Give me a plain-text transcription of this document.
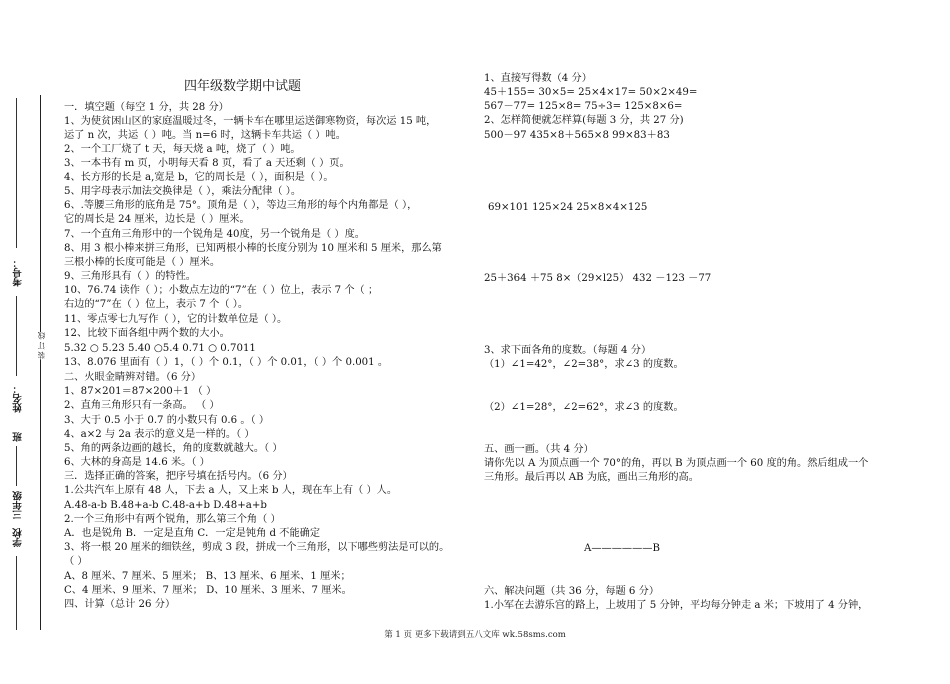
装 订 线
考号：
姓名：
班
三年级
学校
四年级数学期中试题
一．填空题（每空 1 分，共 28 分）
1、为使贫困山区的家庭温暖过冬，一辆卡车在哪里运送御寒物资，每次运 15 吨，
运了 n 次，共运（ ）吨。当 n=6 时，这辆卡车共运（ ）吨。
2、一个工厂烧了 t 天，每天烧 a 吨，烧了（ ）吨。
3、一本书有 m 页，小明每天看 8 页，看了 a 天还剩（ ）页。
4、长方形的长是 a,宽是 b，它的周长是（ ），面积是（ ）。
5、用字母表示加法交换律是（ ），乘法分配律（ ）。
6、.等腰三角形的底角是 75°。顶角是（ ），等边三角形的每个内角都是（ ），
它的周长是 24 厘米，边长是（ ）厘米。
7、一个直角三角形中的一个锐角是 40度，另一个锐角是（ ）度。
8、用 3 根小棒来拼三角形，已知两根小棒的长度分别为 10 厘米和 5 厘米，那么第
三根小棒的长度可能是（ ）厘米。
9、三角形具有（ ）的特性。
10、76.74 读作（ ）；小数点左边的“7”在（ ）位上，表示 7 个（ ；
右边的“7”在（ ）位上，表示 7 个（ ）。
11、零点零七九写作（ ），它的计数单位是（ ）。
12、比较下面各组中两个数的大小。
5.32 ○ 5.23 5.40 ○5.4 0.71 ○ 0.7011
13、8.076 里面有（ ）1，（ ）个 0.1，（ ）个 0.01，（ ）个 0.001 。
二、火眼金睛辨对错。（6 分）
1、87×201＝87×200＋1 （ ）
2、直角三角形只有一条高。 （ ）
3、大于 0.5 小于 0.7 的小数只有 0.6 。（ ）
4、a×2 与 2a 表示的意义是一样的。（ ）
5、角的两条边画的越长，角的度数就越大。（ ）
6、大林的身高是 14.6 米。（ ）
三．选择正确的答案，把序号填在括号内。（6 分）
1.公共汽车上原有 48 人，下去 a 人，又上来 b 人，现在车上有（ ）人。
A.48-a-b B.48+a-b C.48-a+b D.48+a+b
2.一个三角形中有两个锐角，那么第三个角（ ）
A．也是锐角 B．一定是直角 C．一定是钝角 d 不能确定
3、将一根 20 厘米的细铁丝，剪成 3 段，拼成一个三角形，以下哪些剪法是可以的。
（ ）
A、8 厘米、7 厘米、5 厘米； B、13 厘米、6 厘米、1 厘米；
C、4 厘米、9 厘米、7 厘米； D、10 厘米、3 厘米、7 厘米。
四、计算（总计 26 分）
1、直接写得数（4 分）
45＋155= 30×5= 25×4×17= 50×2×49=
567－77= 125×8= 75÷3= 125×8×6=
2、怎样简便就怎样算(每题 3 分，共 27 分)
500－97 435×8＋565×8 99×83＋83
69×101 125×24 25×8×4×125
25＋364 ＋75 8×（29×l25） 432 －123 －77
3、求下面各角的度数。（每题 4 分）
（1）∠1=42°，∠2=38°，求∠3 的度数。
（2）∠1=28°，∠2=62°，求∠3 的度数。
五、画一画。（共 4 分）
请你先以 A 为顶点画一个 70°的角，再以 B 为顶点画一个 60 度的角。然后组成一个
三角形。最后再以 AB 为底，画出三角形的高。
A——————B
六、解决问题（共 36 分，每题 6 分）
1.小军在去游乐宫的路上，上坡用了 5 分钟，平均每分钟走 a 米；下坡用了 4 分钟，
第 1 页 更多下载请到五八文库 wk.58sms.com
